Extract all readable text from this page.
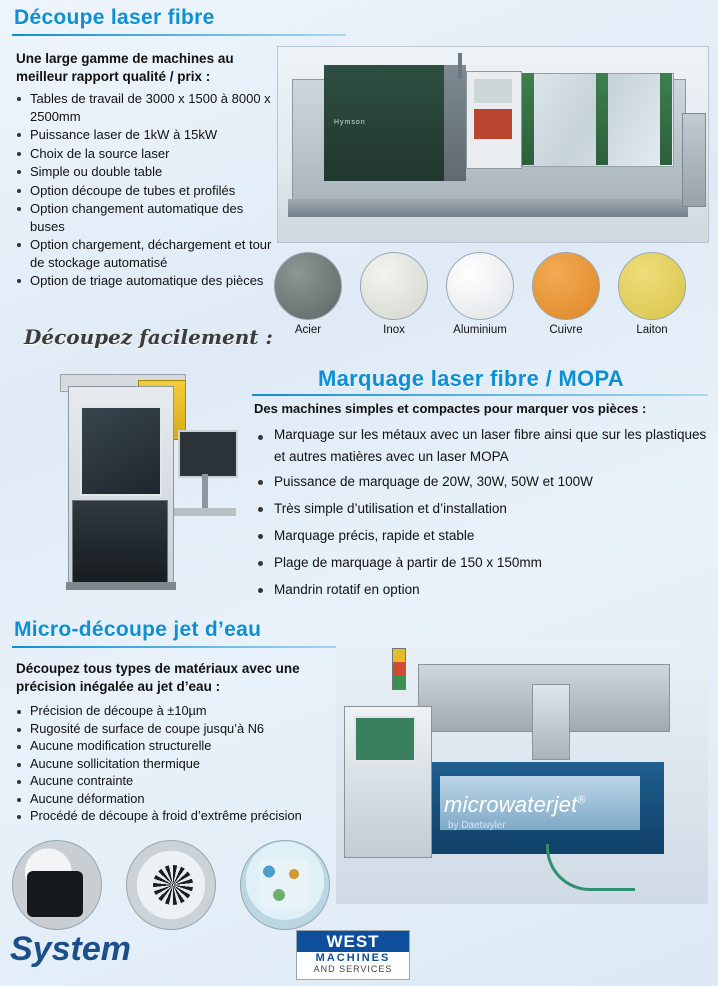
Découpe laser fibre
Une large gamme de machines au meilleur rapport qualité / prix :
Tables de travail de 3000 x 1500 à 8000 x 2500mm
Puissance laser de 1kW à 15kW
Choix de la source laser
Simple ou double table
Option découpe de tubes et profilés
Option changement automatique des buses
Option chargement, déchargement et tour de stockage automatisé
Option de triage automatique des pièces
Hymson
Acier	Inox	Aluminium	Cuivre	Laiton
Découpez facilement :
Marquage laser fibre / MOPA
Des machines simples et compactes pour marquer vos pièces :
Marquage sur les métaux avec un laser fibre ainsi que sur les plastiques et autres matières avec un laser MOPA
Puissance de marquage de 20W, 30W, 50W et 100W
Très simple d’utilisation et d’installation
Marquage précis, rapide et stable
Plage de marquage à partir de 150 x 150mm
Mandrin rotatif en option
Micro-découpe jet d’eau
Découpez tous types de matériaux avec une précision inégalée au jet d’eau :
Précision de découpe à ±10µm
Rugosité de surface de coupe jusqu’à N6
Aucune modification structurelle
Aucune sollicitation thermique
Aucune contrainte
Aucune déformation
Procédé de découpe à froid d’extrême précision	microwaterjet®
by Daetwyler
System	WEST
MACHINES
AND SERVICES
